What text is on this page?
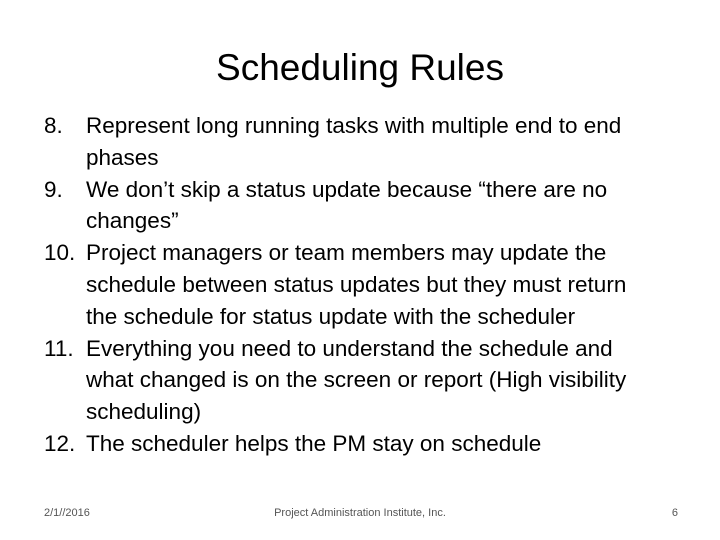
Scheduling Rules
8.	Represent long running tasks with multiple end to end
phases
9.	We don’t skip a status update because “there are no
changes”
10. Project managers or team members may update the
schedule between status updates but they must return
the schedule for status update with the scheduler
11. Everything you need to understand the schedule and
what changed is on the screen or report (High visibility
scheduling)
12. The scheduler helps the PM stay on schedule
2/1//2016	Project Administration Institute, Inc.	6
